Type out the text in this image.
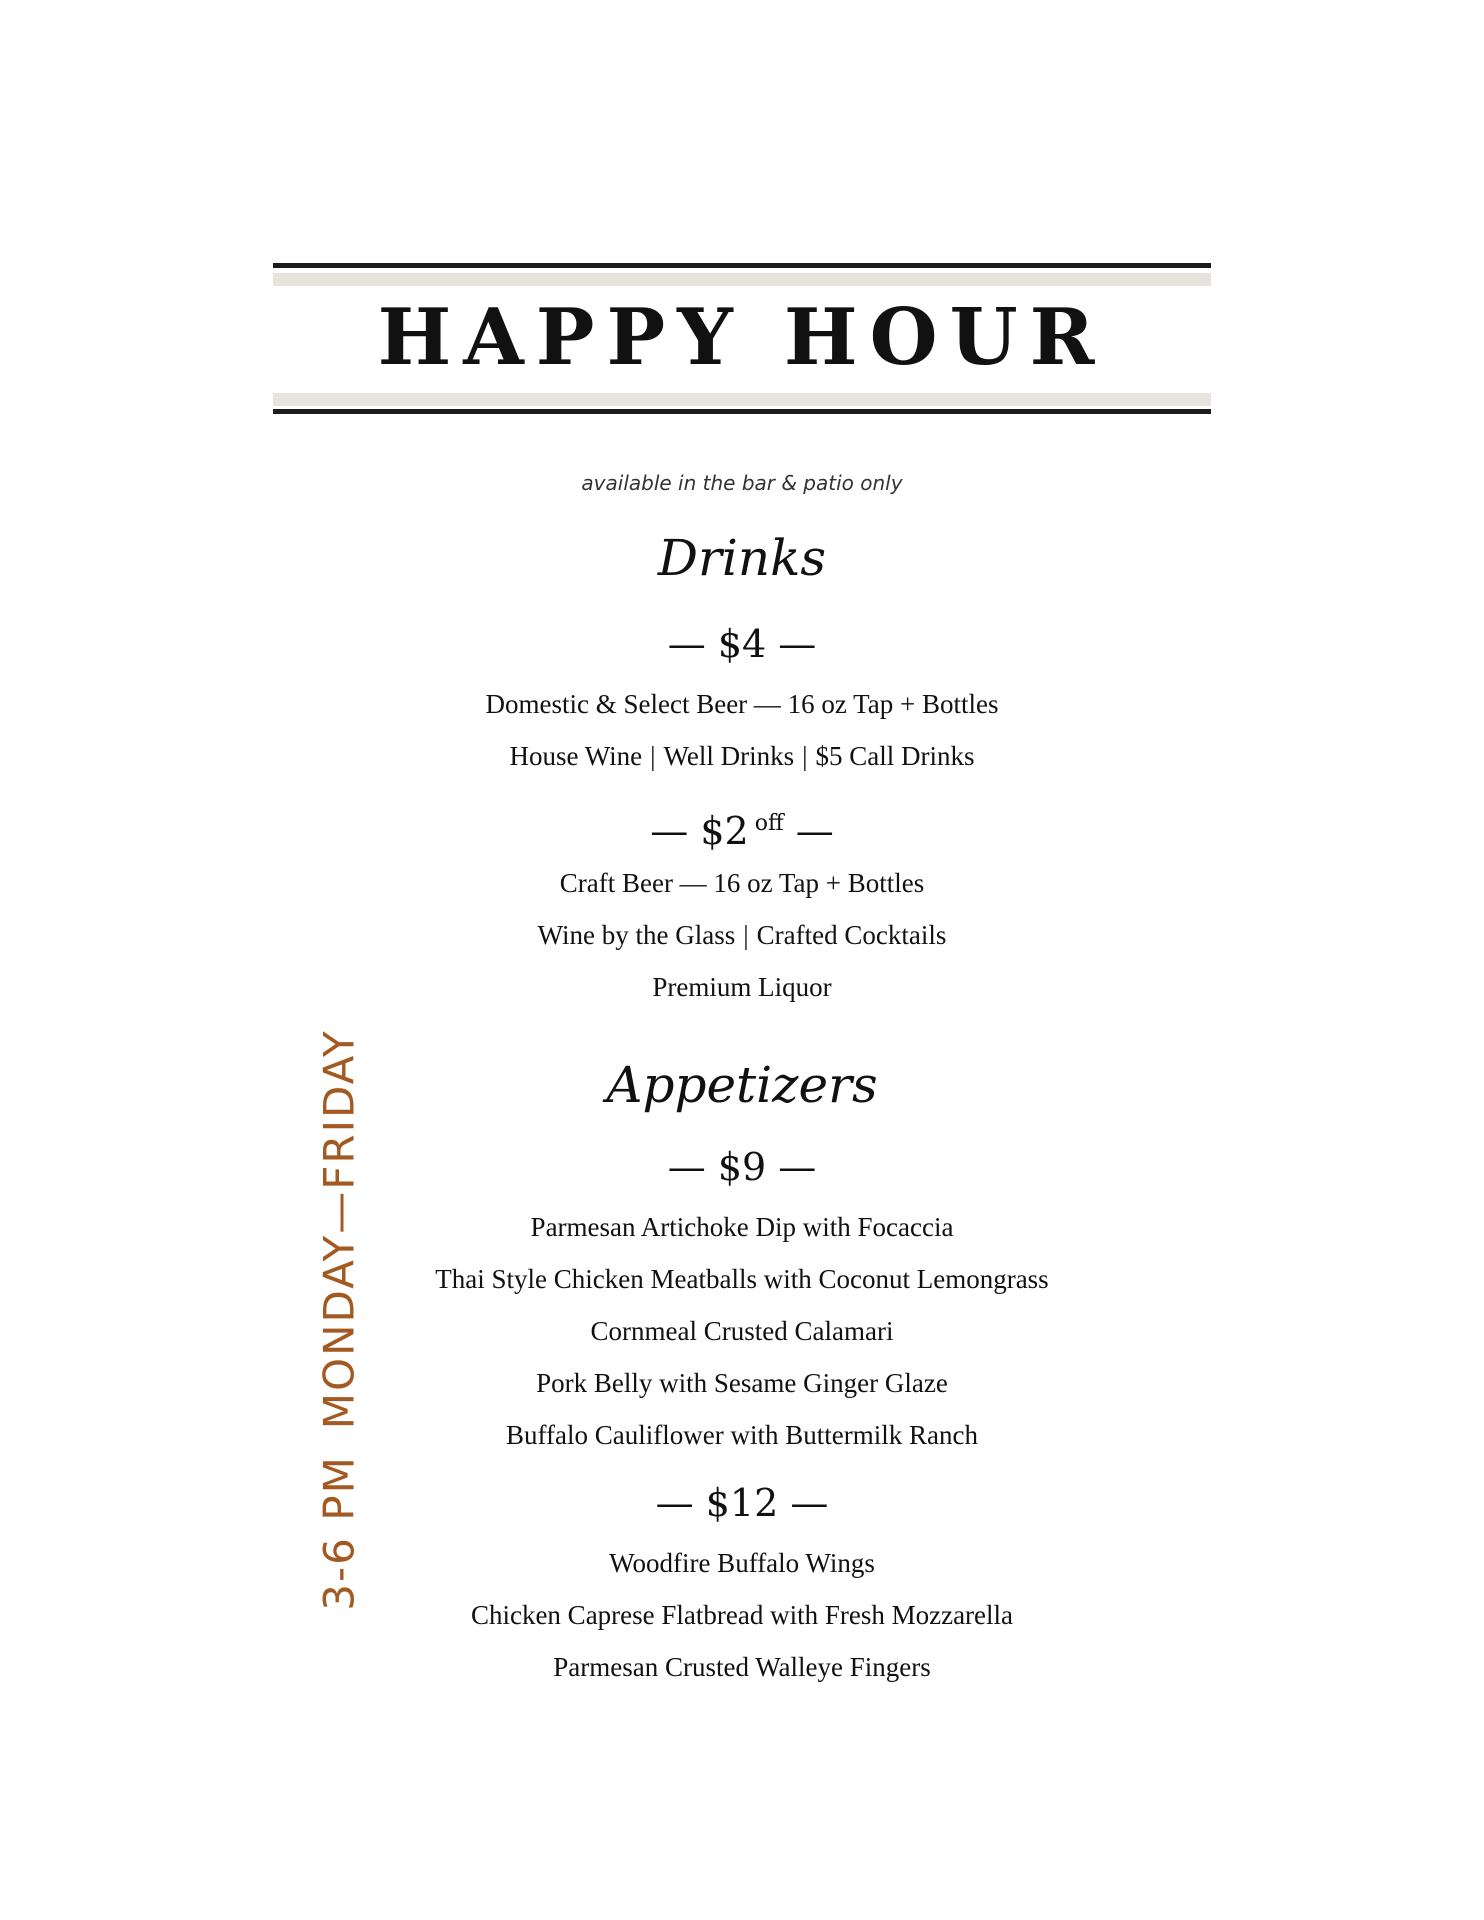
HAPPY HOUR
available in the bar & patio only
3-6 PMMONDAY—FRIDAY
Drinks
— $4 —
Domestic & Select Beer — 16 oz Tap + Bottles
House Wine | Well Drinks | $5 Call Drinks
— $2 $^{off}$ —
Craft Beer — 16 oz Tap + Bottles
Wine by the Glass | Crafted Cocktails
Premium Liquor
Appetizers
— $9 —
Parmesan Artichoke Dip with Focaccia
Thai Style Chicken Meatballs with Coconut Lemongrass
Cornmeal Crusted Calamari
Pork Belly with Sesame Ginger Glaze
Buffalo Cauliflower with Buttermilk Ranch
— $12 —
Woodfire Buffalo Wings
Chicken Caprese Flatbread with Fresh Mozzarella
Parmesan Crusted Walleye Fingers
